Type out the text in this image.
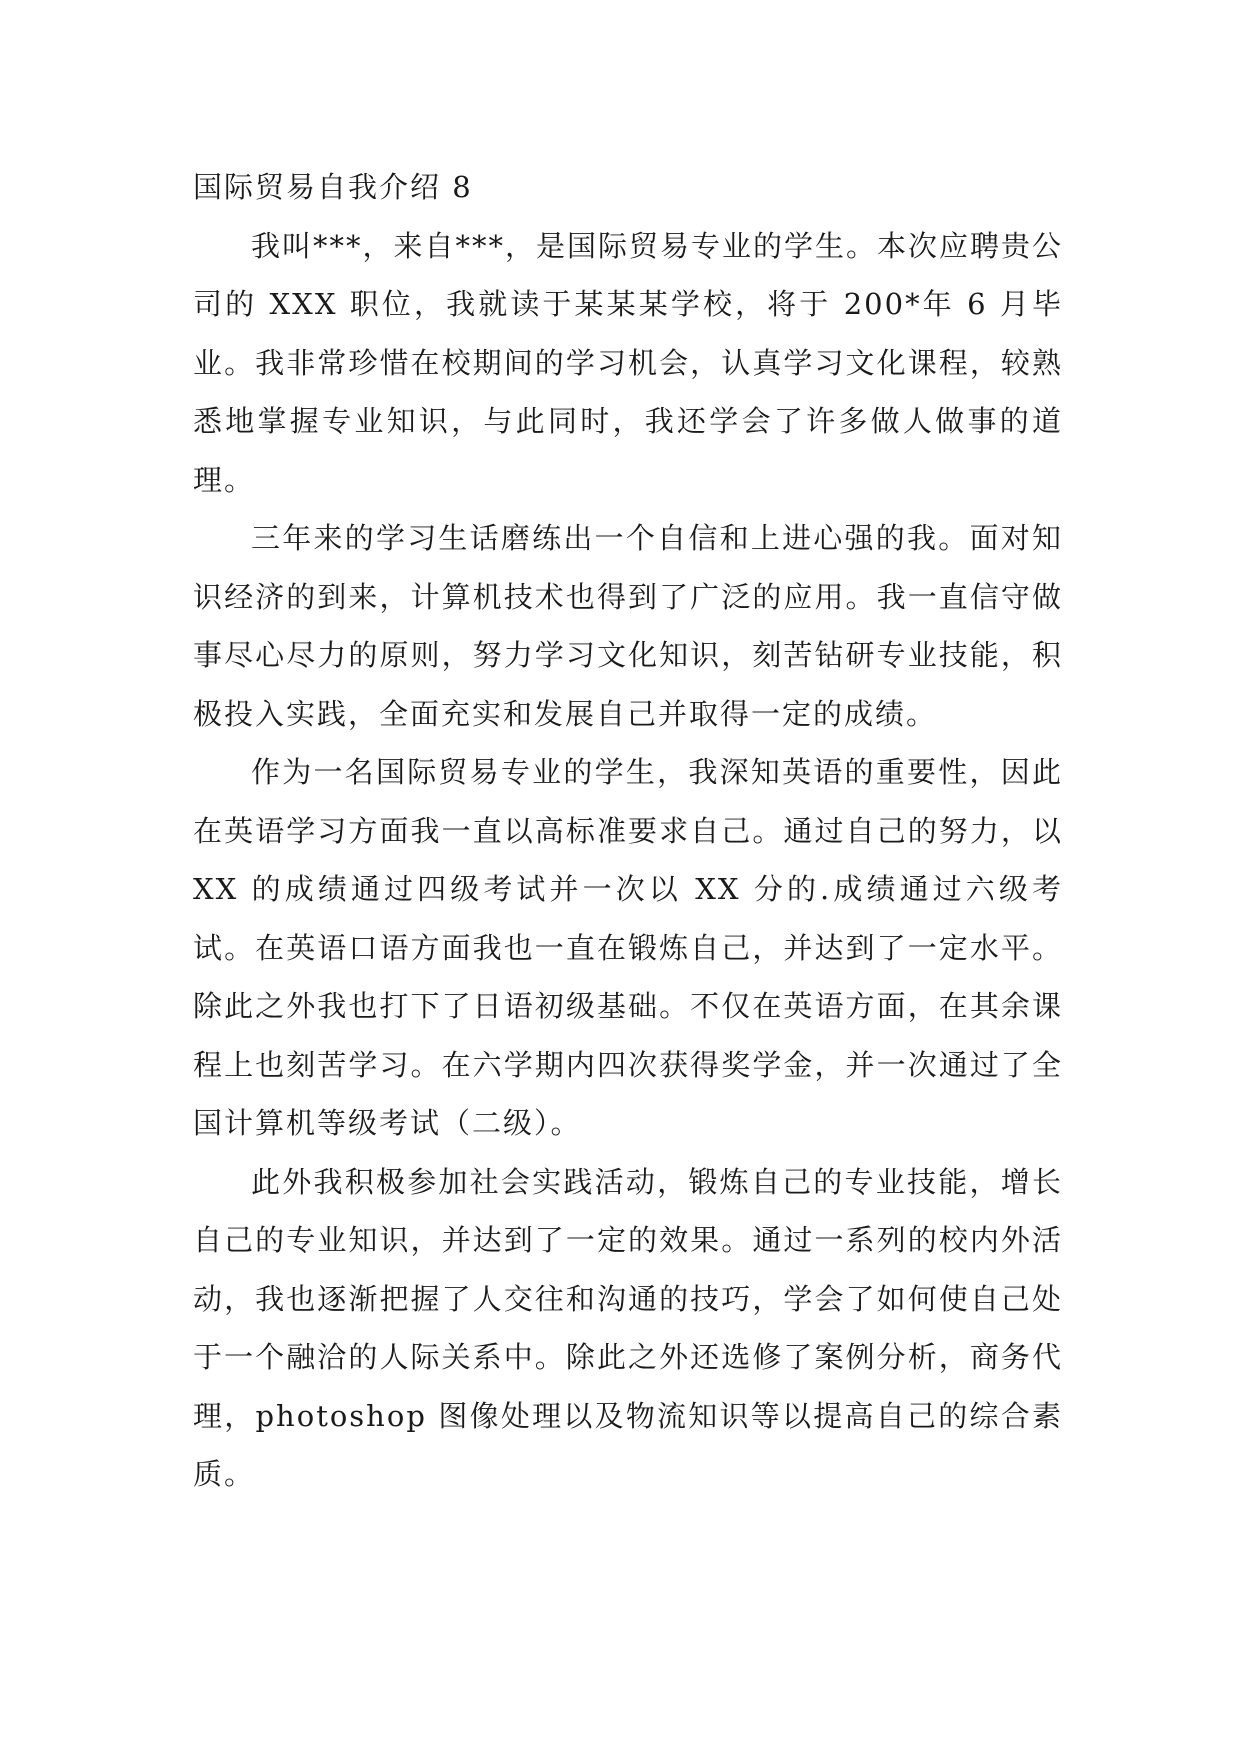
国际贸易自我介绍 8

我叫***，来自***，是国际贸易专业的学生。本次应聘贵公司的 XXX 职位，我就读于某某某学校，将于 200*年 6 月毕业。我非常珍惜在校期间的学习机会，认真学习文化课程，较熟悉地掌握专业知识，与此同时，我还学会了许多做人做事的道理。

三年来的学习生话磨练出一个自信和上进心强的我。面对知识经济的到来，计算机技术也得到了广泛的应用。我一直信守做事尽心尽力的原则，努力学习文化知识，刻苦钻研专业技能，积极投入实践，全面充实和发展自己并取得一定的成绩。

作为一名国际贸易专业的学生，我深知英语的重要性，因此在英语学习方面我一直以高标准要求自己。通过自己的努力，以 XX 的成绩通过四级考试并一次以 XX 分的.成绩通过六级考试。在英语口语方面我也一直在锻炼自己，并达到了一定水平。除此之外我也打下了日语初级基础。不仅在英语方面，在其余课程上也刻苦学习。在六学期内四次获得奖学金，并一次通过了全国计算机等级考试（二级）。

此外我积极参加社会实践活动，锻炼自己的专业技能，增长自己的专业知识，并达到了一定的效果。通过一系列的校内外活动，我也逐渐把握了人交往和沟通的技巧，学会了如何使自己处于一个融洽的人际关系中。除此之外还选修了案例分析，商务代理，photoshop 图像处理以及物流知识等以提高自己的综合素质。
